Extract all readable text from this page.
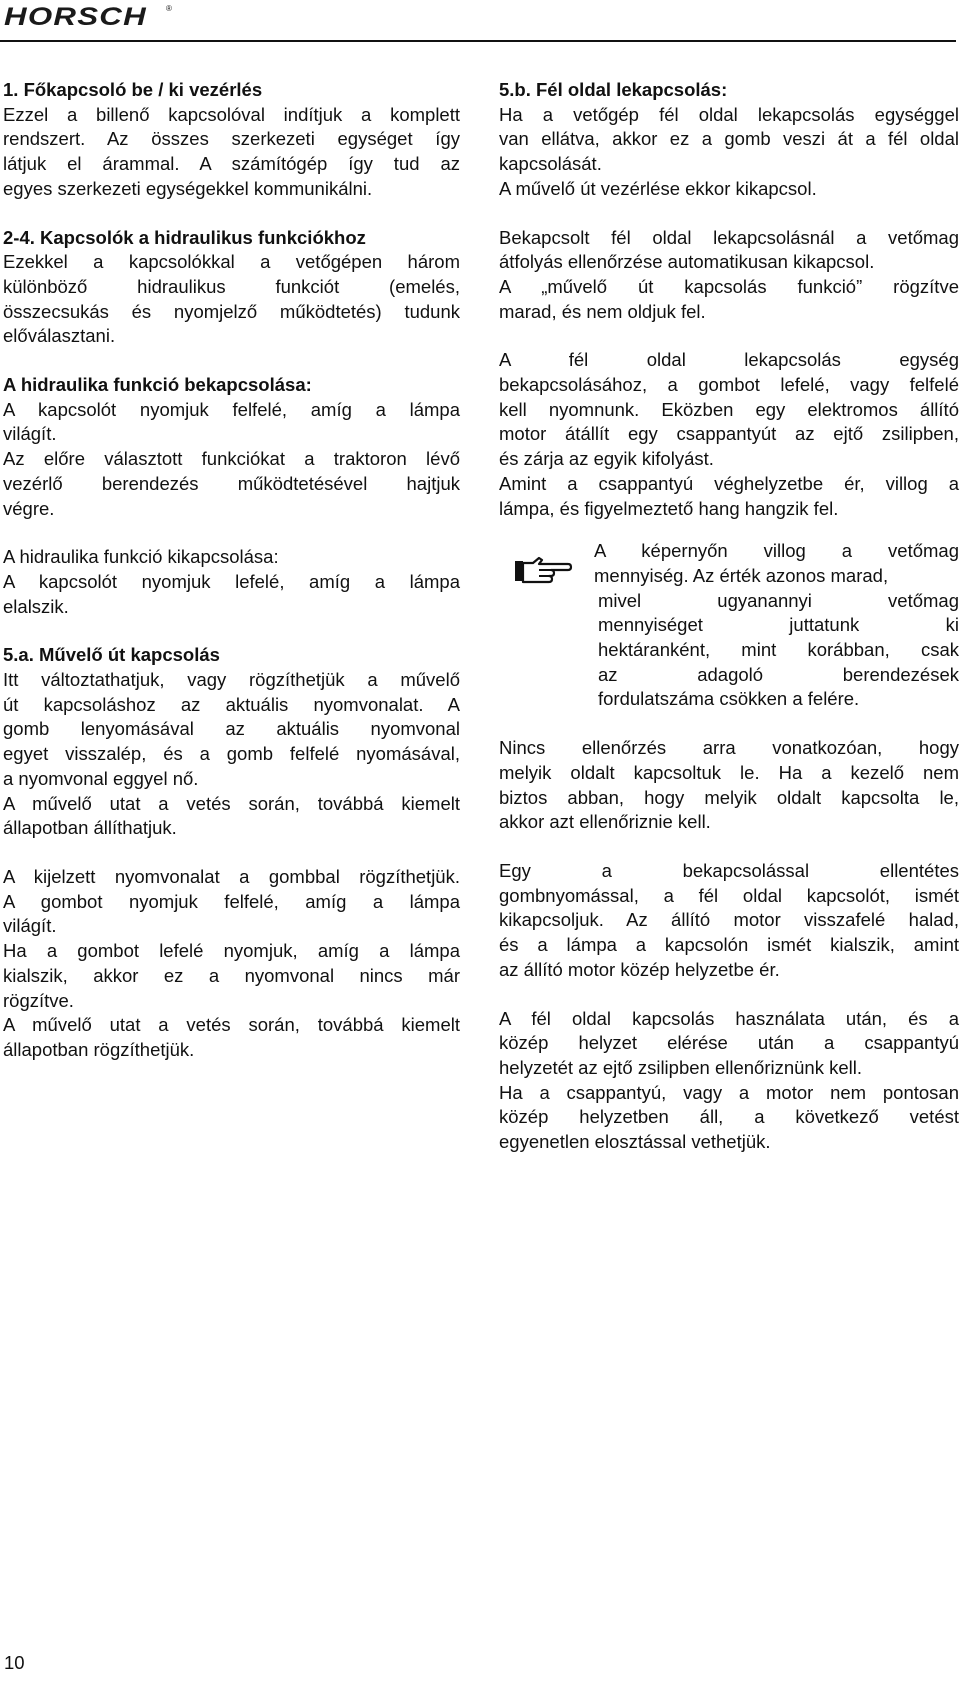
HORSCH ®
1. Főkapcsoló be / ki vezérlés

Ezzel a billenő kapcsolóval indítjuk a komplett

rendszert. Az összes szerkezeti egységet így

látjuk el árammal. A számítógép így tud az

egyes szerkezeti egységekkel kommunikálni.

2-4. Kapcsolók a hidraulikus funkciókhoz

Ezekkel a kapcsolókkal a vetőgépen három

különböző hidraulikus funkciót (emelés,

összecsukás és nyomjelző működtetés) tudunk

előválasztani.

A hidraulika funkció bekapcsolása:

A kapcsolót nyomjuk felfelé, amíg a lámpa

világít.

Az előre választott funkciókat a traktoron lévő

vezérlő berendezés működtetésével hajtjuk

végre.

A hidraulika funkció kikapcsolása:

A kapcsolót nyomjuk lefelé, amíg a lámpa

elalszik.

5.a. Művelő út kapcsolás

Itt változtathatjuk, vagy rögzíthetjük a művelő

út kapcsoláshoz az aktuális nyomvonalat. A

gomb lenyomásával az aktuális nyomvonal

egyet visszalép, és a gomb felfelé nyomásával,

a nyomvonal eggyel nő.

A művelő utat a vetés során, továbbá kiemelt

állapotban állíthatjuk.

A kijelzett nyomvonalat a gombbal rögzíthetjük.

A gombot nyomjuk felfelé, amíg a lámpa

világít.

Ha a gombot lefelé nyomjuk, amíg a lámpa

kialszik, akkor ez a nyomvonal nincs már

rögzítve.

A művelő utat a vetés során, továbbá kiemelt

állapotban rögzíthetjük.

5.b. Fél oldal lekapcsolás:

Ha a vetőgép fél oldal lekapcsolás egységgel

van ellátva, akkor ez a gomb veszi át a fél oldal

kapcsolását.

A művelő út vezérlése ekkor kikapcsol.

Bekapcsolt fél oldal lekapcsolásnál a vetőmag

átfolyás ellenőrzése automatikusan kikapcsol.

A „művelő út kapcsolás funkció” rögzítve

marad, és nem oldjuk fel.

A fél oldal lekapcsolás egység

bekapcsolásához, a gombot lefelé, vagy felfelé

kell nyomnunk. Eközben egy elektromos állító

motor átállít egy csappantyút az ejtő zsilipben,

és zárja az egyik kifolyást.

Amint a csappantyú véghelyzetbe ér, villog a

lámpa, és figyelmeztető hang hangzik fel.

A képernyőn villog a vetőmag

mennyiség. Az érték azonos marad,

mivel ugyanannyi vetőmag

mennyiséget juttatunk ki

hektáranként, mint korábban, csak

az adagoló berendezések

fordulatszáma csökken a felére.

Nincs ellenőrzés arra vonatkozóan, hogy

melyik oldalt kapcsoltuk le. Ha a kezelő nem

biztos abban, hogy melyik oldalt kapcsolta le,

akkor azt ellenőriznie kell.

Egy a bekapcsolással ellentétes

gombnyomással, a fél oldal kapcsolót, ismét

kikapcsoljuk. Az állító motor visszafelé halad,

és a lámpa a kapcsolón ismét kialszik, amint

az állító motor közép helyzetbe ér.

A fél oldal kapcsolás használata után, és a

közép helyzet elérése után a csappantyú

helyzetét az ejtő zsilipben ellenőriznünk kell.

Ha a csappantyú, vagy a motor nem pontosan

közép helyzetben áll, a következő vetést

egyenetlen elosztással vethetjük.

10
